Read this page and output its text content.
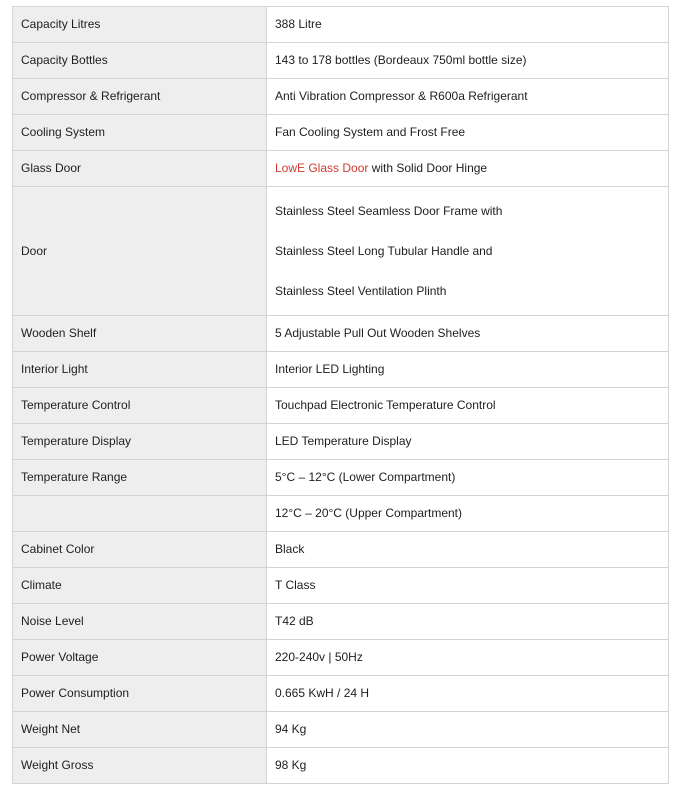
Capacity Litres	388 Litre
Capacity Bottles	143 to 178 bottles (Bordeaux 750ml bottle size)
Compressor & Refrigerant	Anti Vibration Compressor & R600a Refrigerant
Cooling System	Fan Cooling System and Frost Free
Glass Door	LowE Glass Door with Solid Door Hinge
Door	Stainless Steel Seamless Door Frame with
Stainless Steel Long Tubular Handle and
Stainless Steel Ventilation Plinth

Wooden Shelf	5 Adjustable Pull Out Wooden Shelves
Interior Light	Interior LED Lighting
Temperature Control	Touchpad Electronic Temperature Control
Temperature Display	LED Temperature Display
Temperature Range	5°C – 12°C (Lower Compartment)
	12°C – 20°C (Upper Compartment)
Cabinet Color	Black
Climate	T Class
Noise Level	T42 dB
Power Voltage	220-240v | 50Hz
Power Consumption	0.665 KwH / 24 H
Weight Net	94 Kg
Weight Gross	98 Kg
